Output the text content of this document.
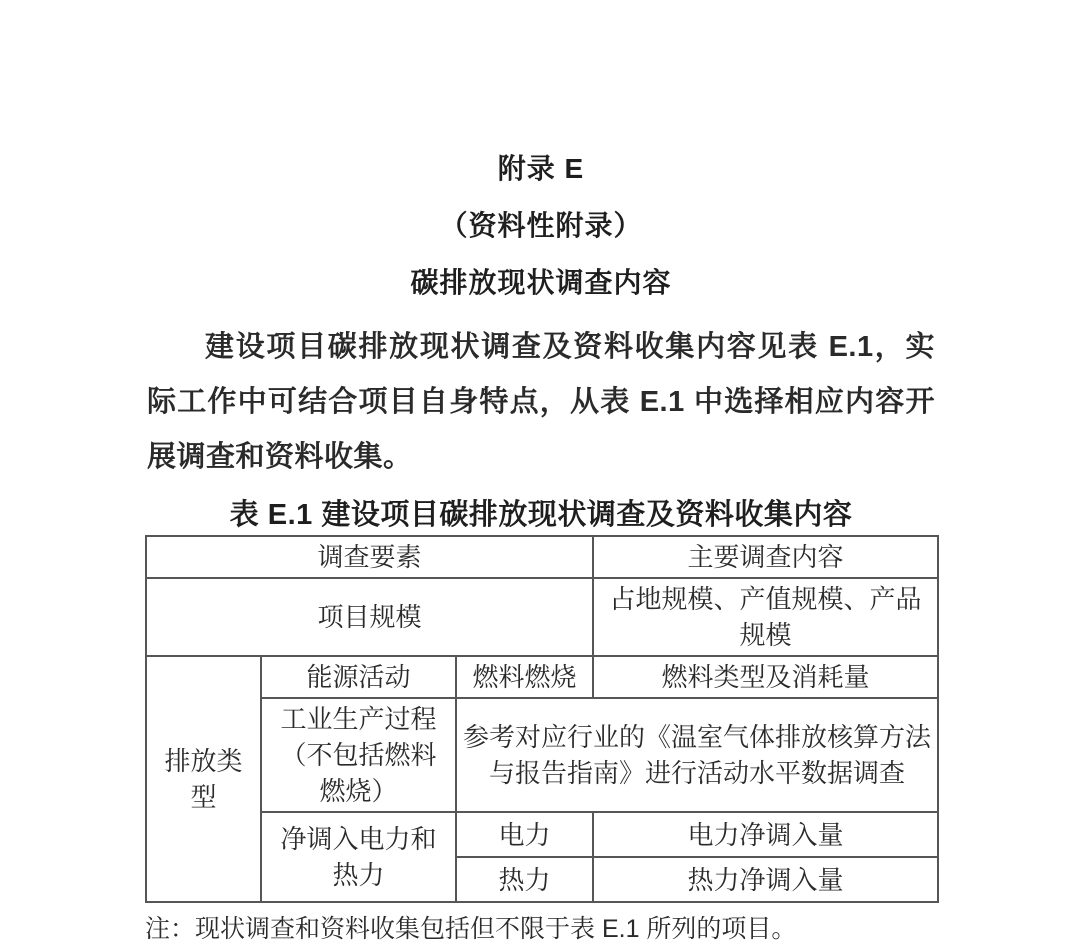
附录 E
（资料性附录）
碳排放现状调查内容

建设项目碳排放现状调查及资料收集内容见表 E.1，实际工作中可结合项目自身特点，从表 E.1 中选择相应内容开展调查和资料收集。

表 E.1 建设项目碳排放现状调查及资料收集内容
调查要素			主要调查内容
项目规模			占地规模、产值规模、产品规模
排放类型	能源活动	燃料燃烧	燃料类型及消耗量
	工业生产过程（不包括燃料燃烧）	参考对应行业的《温室气体排放核算方法与报告指南》进行活动水平数据调查	
	净调入电力和热力	电力	电力净调入量
		热力	热力净调入量

注：现状调查和资料收集包括但不限于表 E.1 所列的项目。
